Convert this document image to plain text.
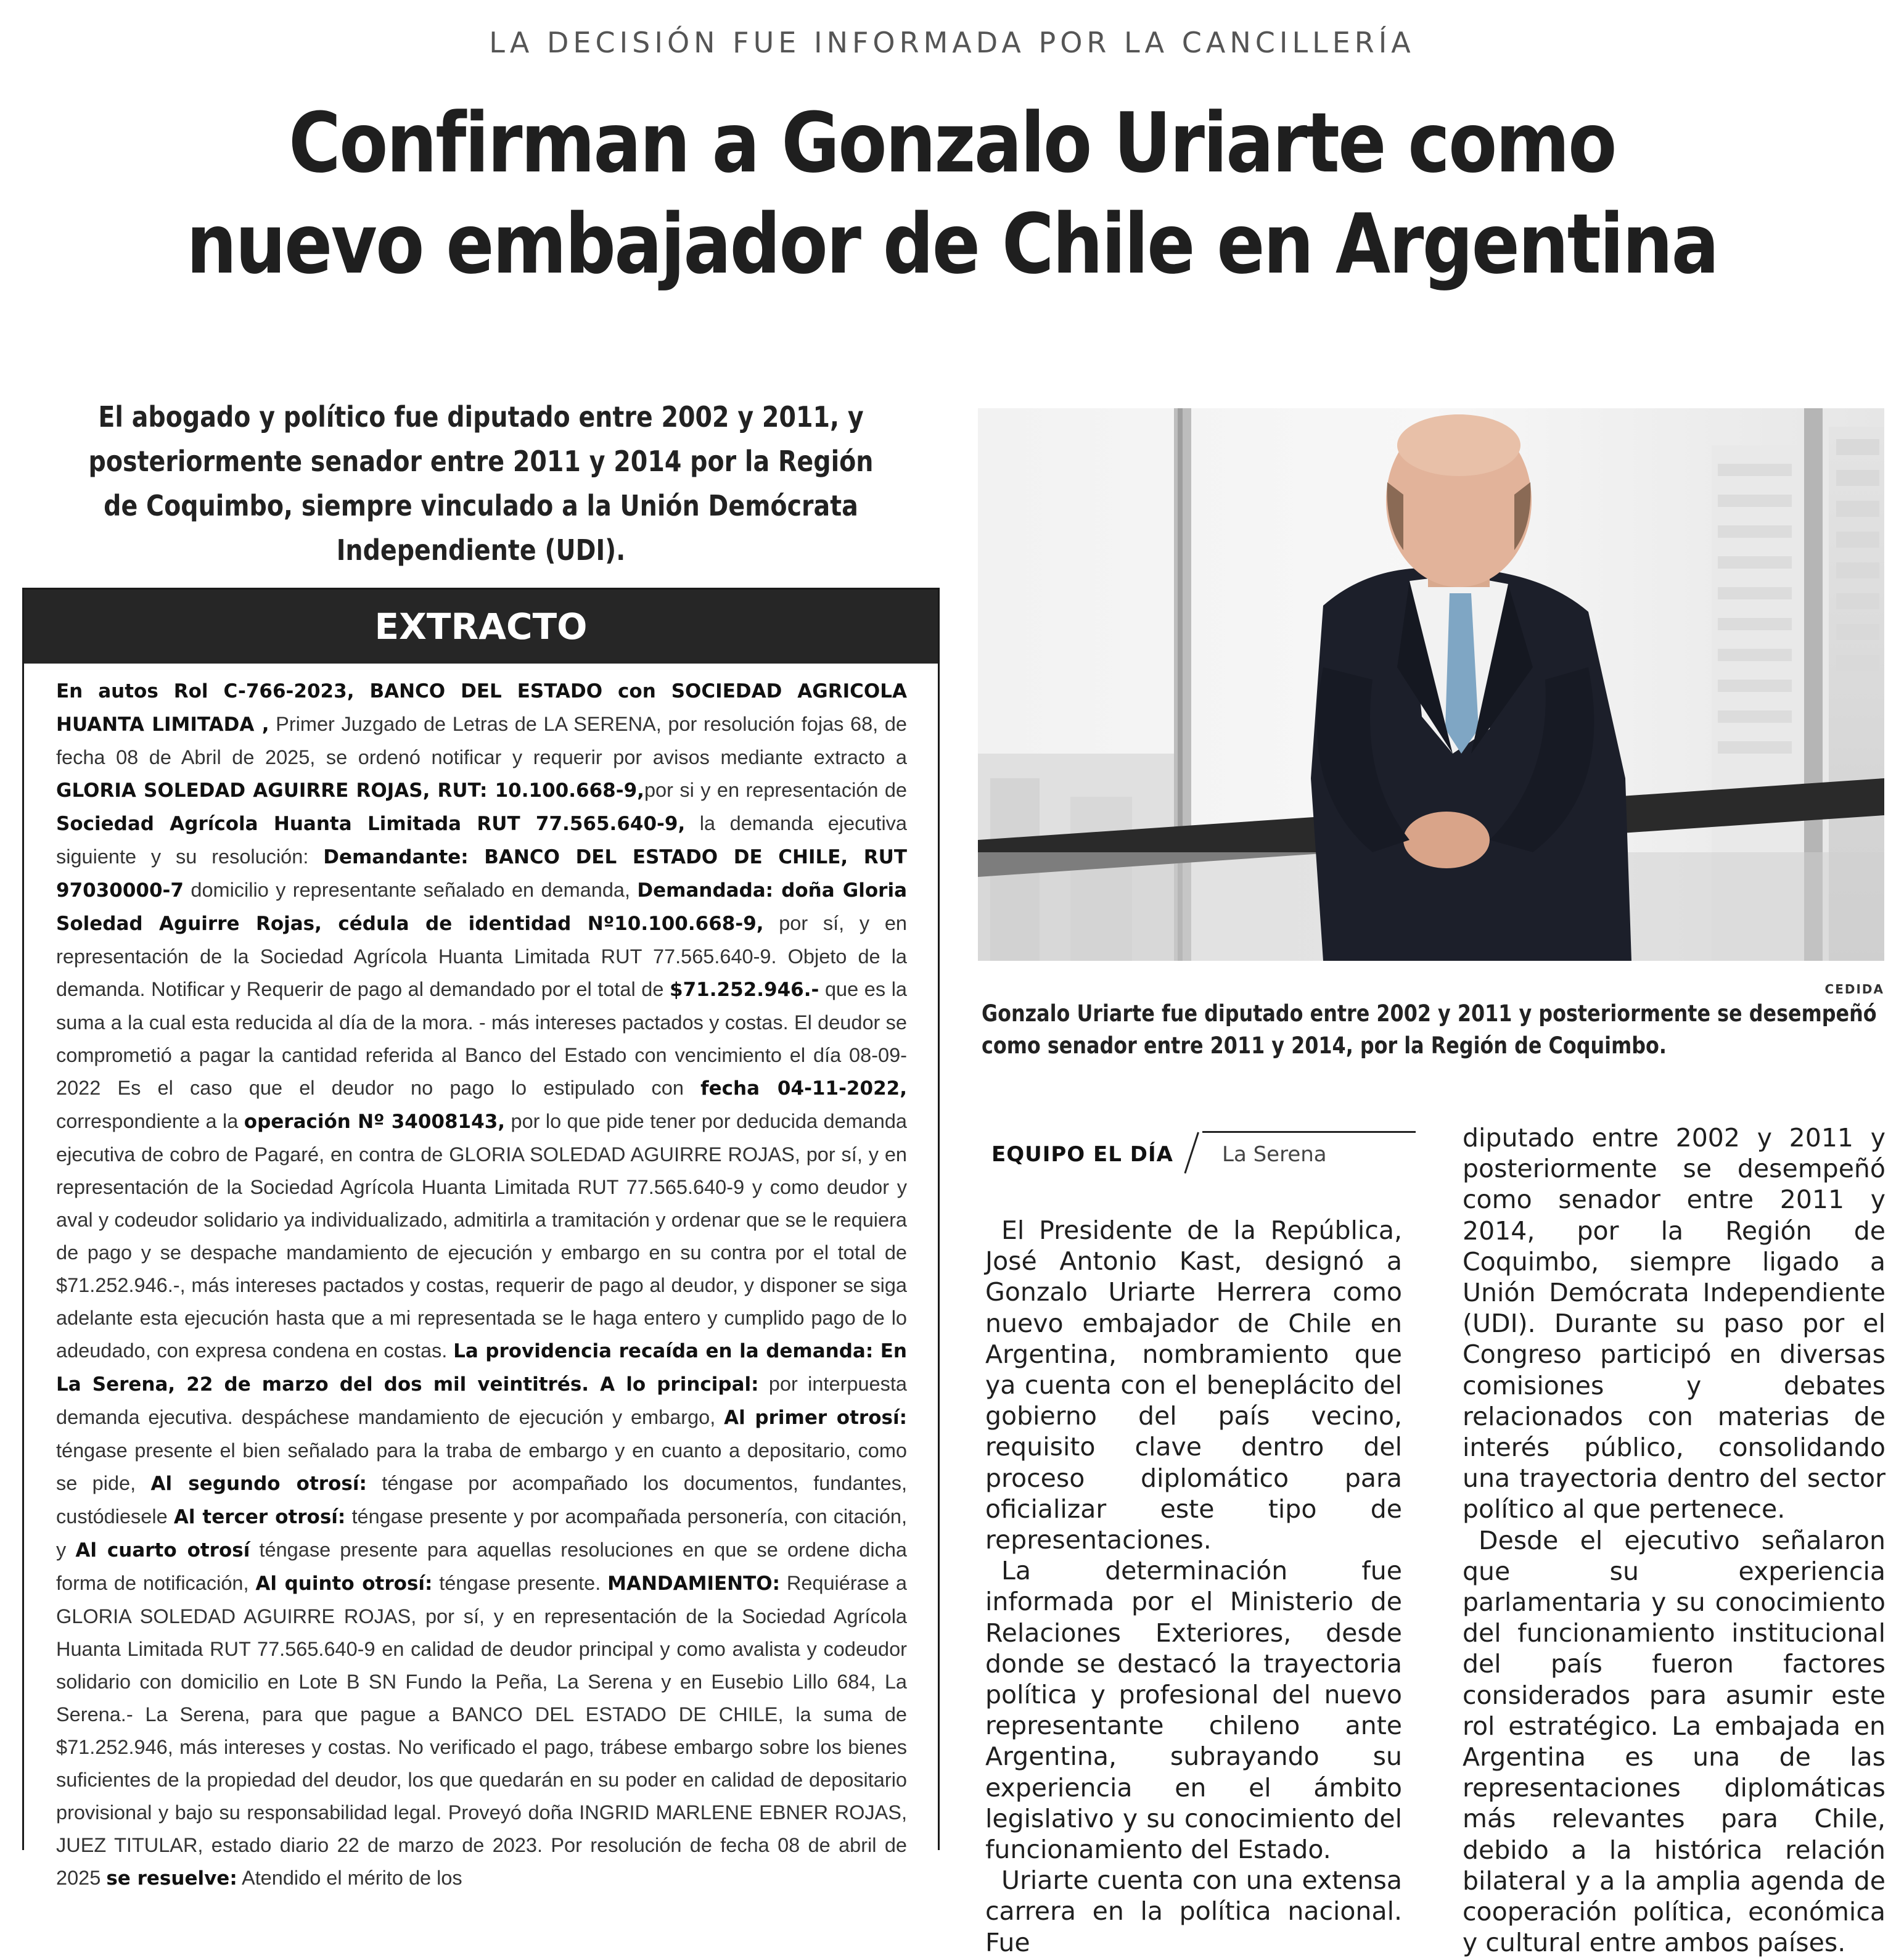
LA DECISIÓN FUE INFORMADA POR LA CANCILLERÍA
Confirman a Gonzalo Uriarte como nuevo embajador de Chile en Argentina
El abogado y político fue diputado entre 2002 y 2011, y posteriormente senador entre 2011 y 2014 por la Región de Coquimbo, siempre vinculado a la Unión Demócrata Independiente (UDI).
EXTRACTO
En autos Rol C-766-2023, BANCO DEL ESTADO con SOCIEDAD AGRICOLA HUANTA LIMITADA , Primer Juzgado de Letras de LA SERENA, por resolución fojas 68, de fecha 08 de Abril de 2025, se ordenó notificar y requerir por avisos mediante extracto a GLORIA SOLEDAD AGUIRRE ROJAS, RUT: 10.100.668-9,por si y en representación de Sociedad Agrícola Huanta Limitada RUT 77.565.640-9, la demanda ejecutiva siguiente y su resolución: Demandante: BANCO DEL ESTADO DE CHILE, RUT 97030000-7 domicilio y representante señalado en demanda, Demandada: doña Gloria Soledad Aguirre Rojas, cédula de identidad Nº10.100.668-9, por sí, y en representación de la Sociedad Agrícola Huanta Limitada RUT 77.565.640-9. Objeto de la demanda. Notificar y Requerir de pago al demandado por el total de $71.252.946.- que es la suma a la cual esta reducida al día de la mora. - más intereses pactados y costas. El deudor se comprometió a pagar la cantidad referida al Banco del Estado con vencimiento el día 08-09-2022 Es el caso que el deudor no pago lo estipulado con fecha 04-11-2022, correspondiente a la operación Nº 34008143, por lo que pide tener por deducida demanda ejecutiva de cobro de Pagaré, en contra de GLORIA SOLEDAD AGUIRRE ROJAS, por sí, y en representación de la Sociedad Agrícola Huanta Limitada RUT 77.565.640-9 y como deudor y aval y codeudor solidario ya individualizado, admitirla a tramitación y ordenar que se le requiera de pago y se despache mandamiento de ejecución y embargo en su contra por el total de $71.252.946.-, más intereses pactados y costas, requerir de pago al deudor, y disponer se siga adelante esta ejecución hasta que a mi representada se le haga entero y cumplido pago de lo adeudado, con expresa condena en costas. La providencia recaída en la demanda: En La Serena, 22 de marzo del dos mil veintitrés. A lo principal: por interpuesta demanda ejecutiva. despáchese mandamiento de ejecución y embargo, Al primer otrosí: téngase presente el bien señalado para la traba de embargo y en cuanto a depositario, como se pide, Al segundo otrosí: téngase por acompañado los documentos, fundantes, custódiesele Al tercer otrosí: téngase presente y por acompañada personería, con citación, y Al cuarto otrosí téngase presente para aquellas resoluciones en que se ordene dicha forma de notificación, Al quinto otrosí: téngase presente. MANDAMIENTO: Requiérase a GLORIA SOLEDAD AGUIRRE ROJAS, por sí, y en representación de la Sociedad Agrícola Huanta Limitada RUT 77.565.640-9 en calidad de deudor principal y como avalista y codeudor solidario con domicilio en Lote B SN Fundo la Peña, La Serena y en Eusebio Lillo 684, La Serena.- La Serena, para que pague a BANCO DEL ESTADO DE CHILE, la suma de $71.252.946, más intereses y costas. No verificado el pago, trábese embargo sobre los bienes suficientes de la propiedad del deudor, los que quedarán en su poder en calidad de depositario provisional y bajo su responsabilidad legal. Proveyó doña INGRID MARLENE EBNER ROJAS, JUEZ TITULAR, estado diario 22 de marzo de 2023. Por resolución de fecha 08 de abril de 2025 se resuelve: Atendido el mérito de los
CEDIDA
Gonzalo Uriarte fue diputado entre 2002 y 2011 y posteriormente se desempeñó como senador entre 2011 y 2014, por la Región de Coquimbo.
EQUIPO EL DÍA La Serena

El Presidente de la República, José Antonio Kast, designó a Gonzalo Uriarte Herrera como nuevo embajador de Chile en Argentina, nombramiento que ya cuenta con el beneplácito del gobierno del país vecino, requisito clave dentro del proceso diplomático para oficializar este tipo de representaciones.

La determinación fue informada por el Ministerio de Relaciones Exteriores, desde donde se destacó la trayectoria política y profesional del nuevo representante chileno ante Argentina, subrayando su experiencia en el ámbito legislativo y su conocimiento del funcionamiento del Estado.

Uriarte cuenta con una extensa carrera en la política nacional. Fue

diputado entre 2002 y 2011 y posteriormente se desempeñó como senador entre 2011 y 2014, por la Región de Coquimbo, siempre ligado a Unión Demócrata Independiente (UDI). Durante su paso por el Congreso participó en diversas comisiones y debates relacionados con materias de interés público, consolidando una trayectoria dentro del sector político al que pertenece.

Desde el ejecutivo señalaron que su experiencia parlamentaria y su conocimiento del funcionamiento institucional del país fueron factores considerados para asumir este rol estratégico. La embajada en Argentina es una de las representaciones diplomáticas más relevantes para Chile, debido a la histórica relación bilateral y a la amplia agenda de cooperación política, económica y cultural entre ambos países.
